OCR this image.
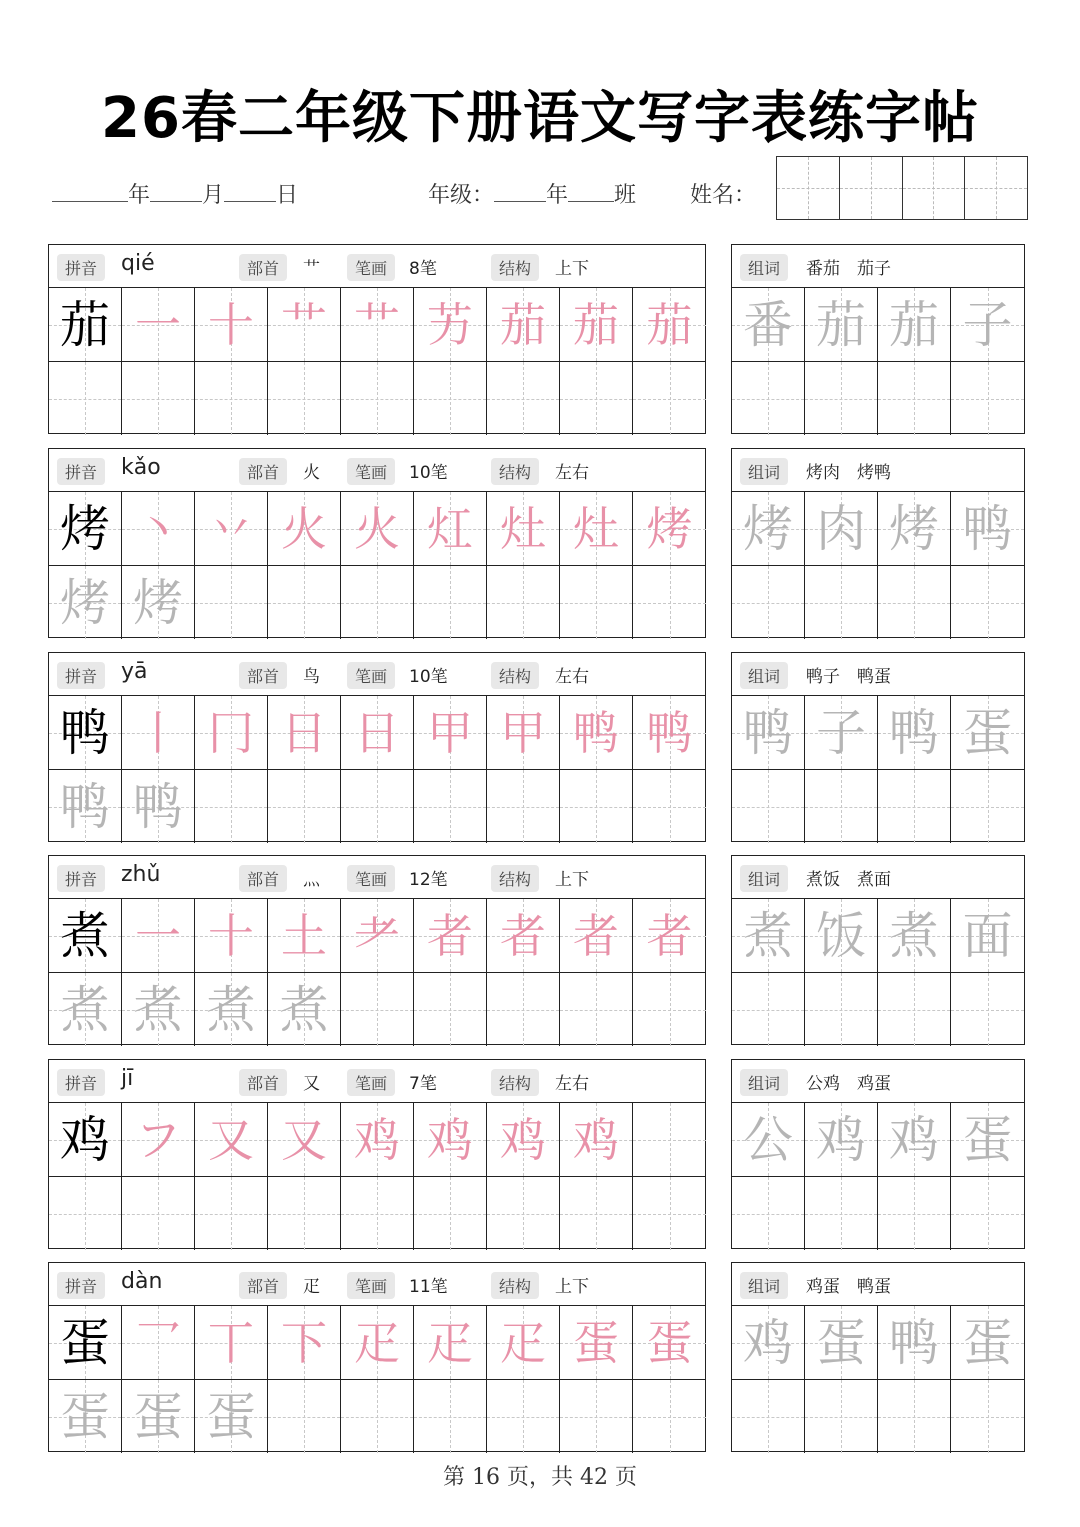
26春二年级下册语文写字表练字帖
年 月 日	年级： 年 班 姓名：
拼音	qié	部首	艹	笔画	8笔	结构	上下
茄 一 十 艹 艹 艻 茄 茄 茄
组词	番茄　茄子
番 茄 茄 子
拼音	kǎo	部首	火	笔画	10笔	结构	左右
烤 丶 丷 火 火 灴 灶 灶 烤
烤 烤
组词	烤肉　烤鸭
烤 肉 烤 鸭
拼音	yā	部首	鸟	笔画	10笔	结构	左右
鸭 丨 冂 日 日 甲 甲 鸭 鸭
鸭 鸭
组词	鸭子　鸭蛋
鸭 子 鸭 蛋
拼音	zhǔ	部首	灬	笔画	12笔	结构	上下
煮 一 十 土 耂 者 者 者 者
煮 煮 煮 煮
组词	煮饭　煮面
煮 饭 煮 面
拼音	jī	部首	又	笔画	7笔	结构	左右
鸡 フ 又 又 鸡 鸡 鸡 鸡
组词	公鸡　鸡蛋
公 鸡 鸡 蛋
拼音	dàn	部首	疋	笔画	11笔	结构	上下
蛋 乛 丅 下 疋 疋 疋 蛋 蛋
蛋 蛋 蛋
组词	鸡蛋　鸭蛋
鸡 蛋 鸭 蛋
第 16 页，共 42 页
